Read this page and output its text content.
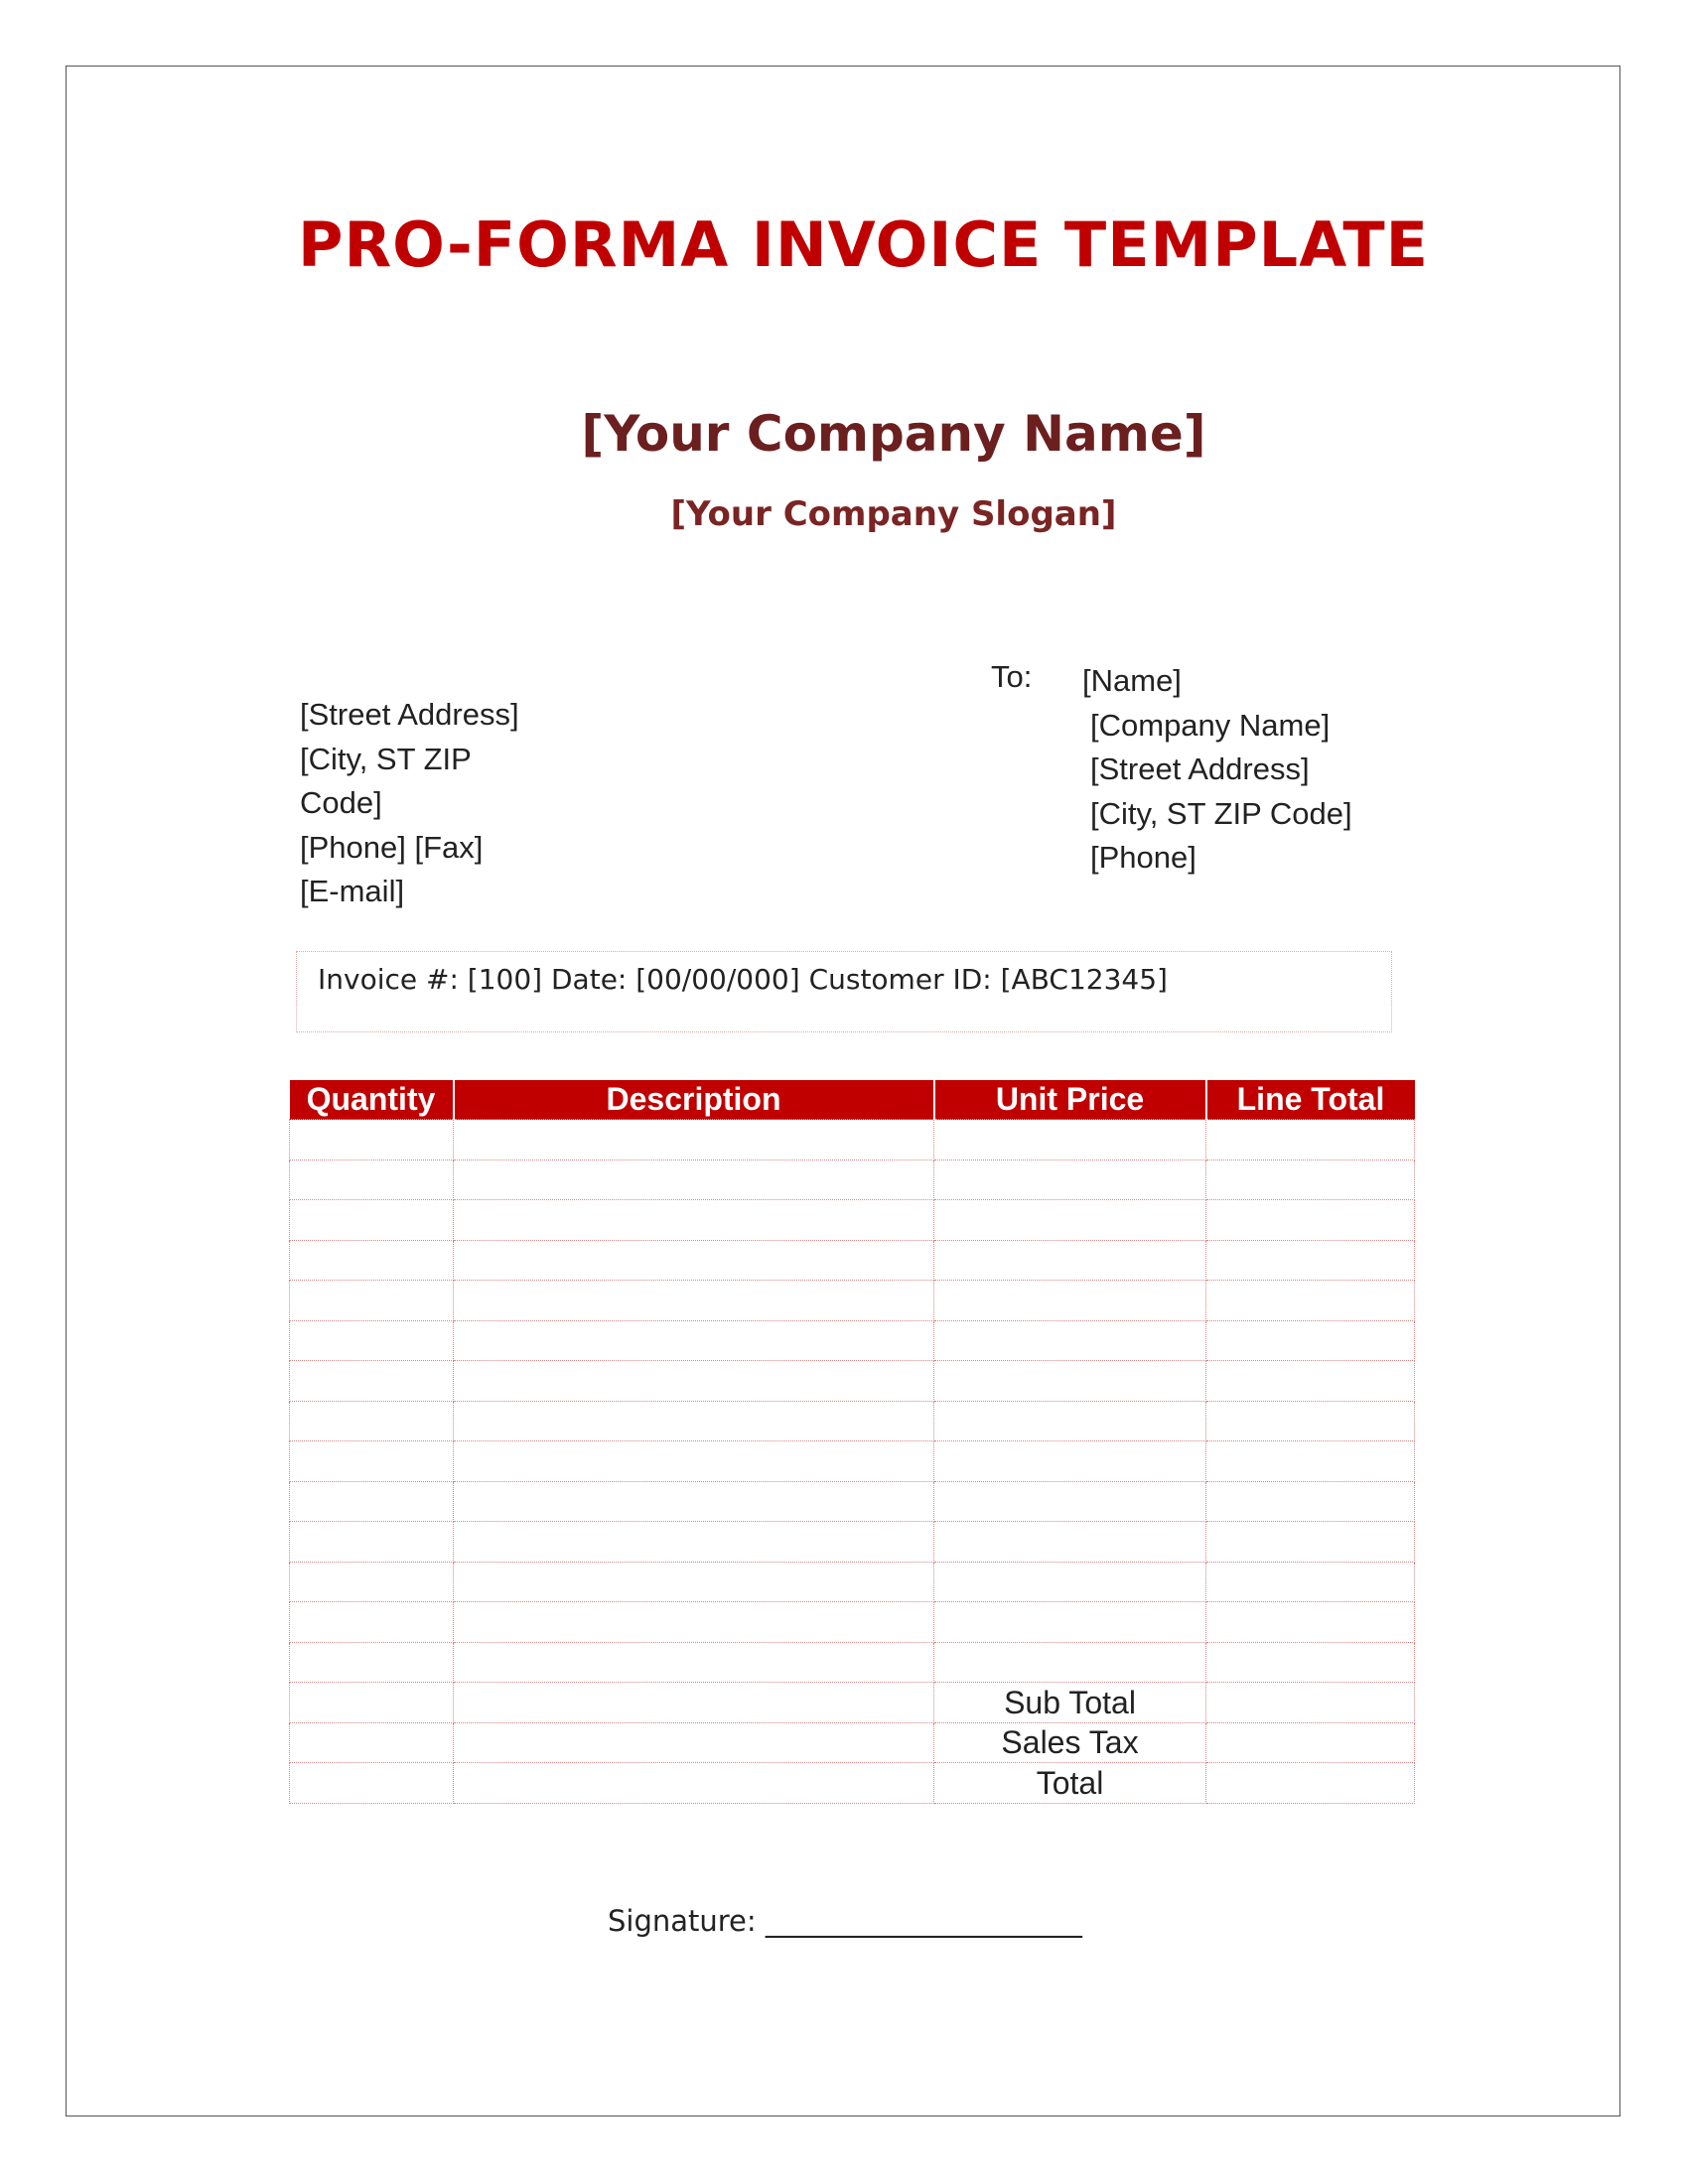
PRO-FORMA INVOICE TEMPLATE
[Your Company Name]
[Your Company Slogan]
[Street Address]
[City, ST ZIP Code]
[Phone] [Fax]
[E-mail]
To: [Name]
[Company Name]
[Street Address]
[City, ST ZIP Code]
[Phone]
Invoice #: [100] Date: [00/00/000] Customer ID: [ABC12345]
Quantity	Description	Unit Price	Line Total

		Sub Total	
		Sales Tax	
		Total	
Signature: ______________________
